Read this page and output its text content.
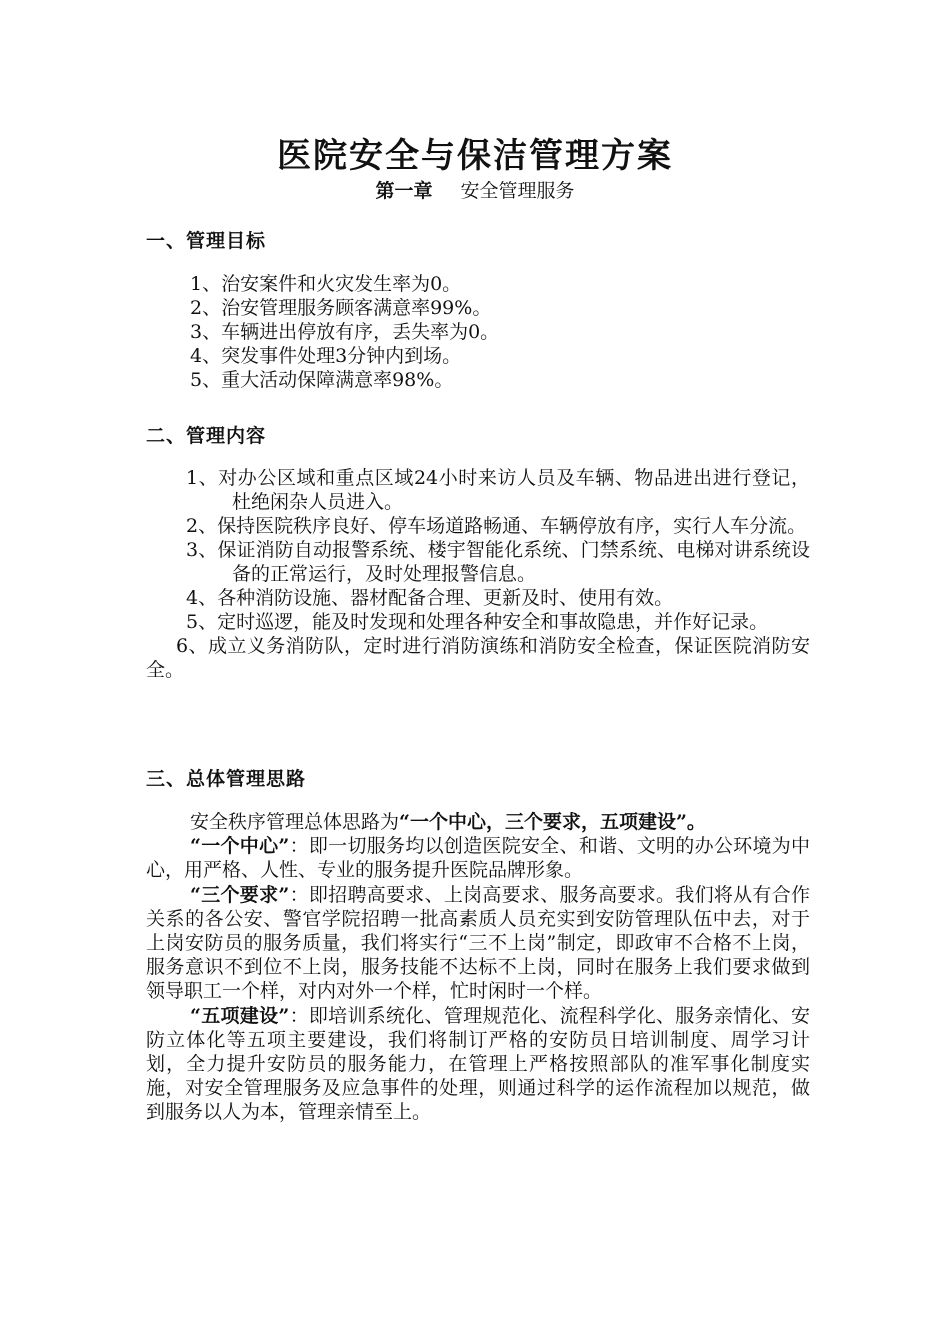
医院安全与保洁管理方案
第一章 安全管理服务
一、管理目标
1、治安案件和火灾发生率为0。
2、治安管理服务顾客满意率99%。
3、车辆进出停放有序，丢失率为0。
4、突发事件处理3分钟内到场。
5、重大活动保障满意率98%。
二、管理内容
1、对办公区域和重点区域24小时来访人员及车辆、物品进出进行登记，杜绝闲杂人员进入。
2、保持医院秩序良好、停车场道路畅通、车辆停放有序，实行人车分流。
3、保证消防自动报警系统、楼宇智能化系统、门禁系统、电梯对讲系统设备的正常运行，及时处理报警信息。
4、各种消防设施、器材配备合理、更新及时、使用有效。
5、定时巡逻，能及时发现和处理各种安全和事故隐患，并作好记录。
6、成立义务消防队，定时进行消防演练和消防安全检查，保证医院消防安全。
三、总体管理思路

安全秩序管理总体思路为“一个中心，三个要求，五项建设”。

“一个中心”：即一切服务均以创造医院安全、和谐、文明的办公环境为中心，用严格、人性、专业的服务提升医院品牌形象。

“三个要求”：即招聘高要求、上岗高要求、服务高要求。我们将从有合作关系的各公安、警官学院招聘一批高素质人员充实到安防管理队伍中去，对于上岗安防员的服务质量，我们将实行“三不上岗”制定，即政审不合格不上岗，服务意识不到位不上岗，服务技能不达标不上岗，同时在服务上我们要求做到领导职工一个样，对内对外一个样，忙时闲时一个样。

“五项建设”：即培训系统化、管理规范化、流程科学化、服务亲情化、安防立体化等五项主要建设，我们将制订严格的安防员日培训制度、周学习计划，全力提升安防员的服务能力，在管理上严格按照部队的准军事化制度实施，对安全管理服务及应急事件的处理，则通过科学的运作流程加以规范，做到服务以人为本，管理亲情至上。
